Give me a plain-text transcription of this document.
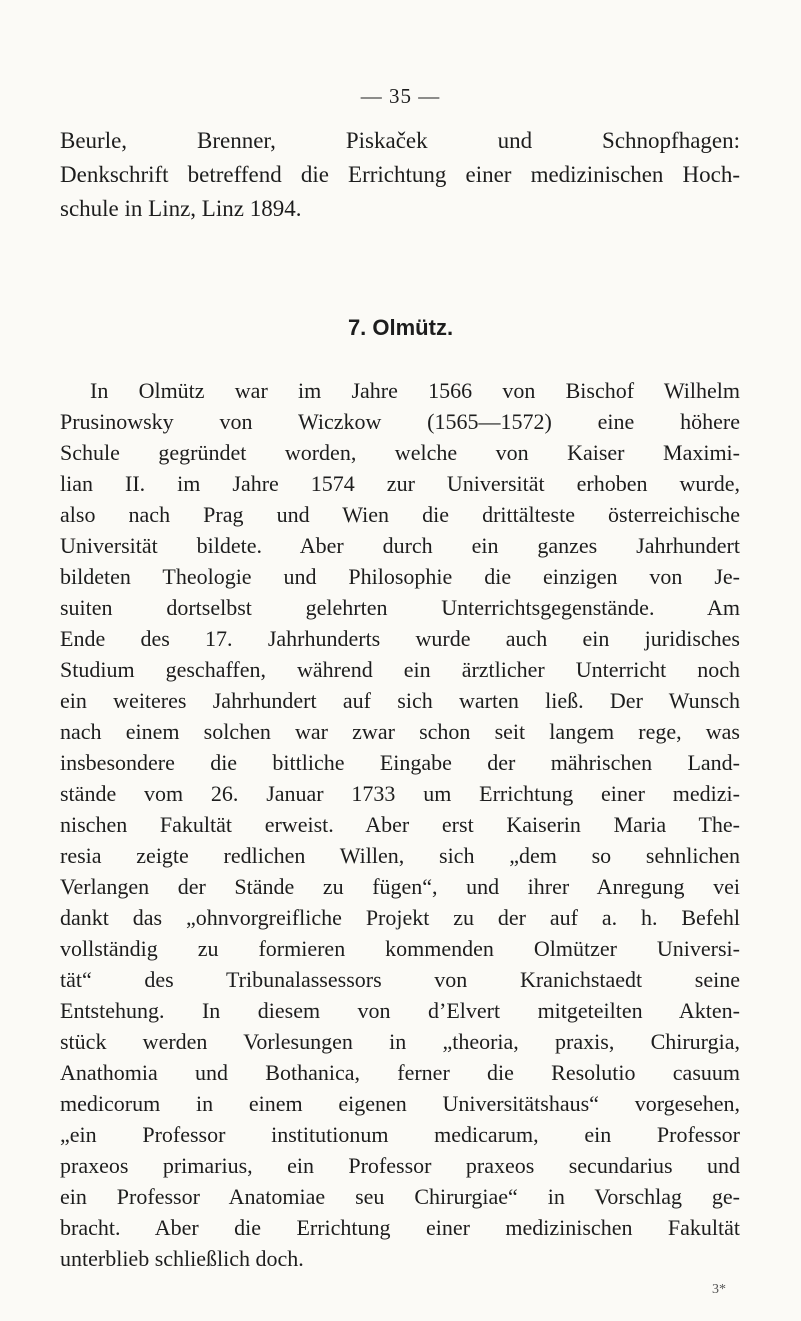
— 35 —
Beurle, Brenner, Piskaček und Schnopfhagen:
Denkschrift betreffend die Errichtung einer medizinischen Hoch-
schule in Linz, Linz 1894.
7. Olmütz.
In Olmütz war im Jahre 1566 von Bischof Wilhelm
Prusinowsky von Wiczkow (1565—1572) eine höhere
Schule gegründet worden, welche von Kaiser Maximi-
lian II. im Jahre 1574 zur Universität erhoben wurde,
also nach Prag und Wien die drittälteste österreichische
Universität bildete. Aber durch ein ganzes Jahrhundert
bildeten Theologie und Philosophie die einzigen von Je-
suiten dortselbst gelehrten Unterrichtsgegenstände. Am
Ende des 17. Jahrhunderts wurde auch ein juridisches
Studium geschaffen, während ein ärztlicher Unterricht noch
ein weiteres Jahrhundert auf sich warten ließ. Der Wunsch
nach einem solchen war zwar schon seit langem rege, was
insbesondere die bittliche Eingabe der mährischen Land-
stände vom 26. Januar 1733 um Errichtung einer medizi-
nischen Fakultät erweist. Aber erst Kaiserin Maria The-
resia zeigte redlichen Willen, sich „dem so sehnlichen
Verlangen der Stände zu fügen“, und ihrer Anregung vei
dankt das „ohnvorgreifliche Projekt zu der auf a. h. Befehl
vollständig zu formieren kommenden Olmützer Universi-
tät“ des Tribunalassessors von Kranichstaedt seine
Entstehung. In diesem von d’Elvert mitgeteilten Akten-
stück werden Vorlesungen in „theoria, praxis, Chirurgia,
Anathomia und Bothanica, ferner die Resolutio casuum
medicorum in einem eigenen Universitätshaus“ vorgesehen,
„ein Professor institutionum medicarum, ein Professor
praxeos primarius, ein Professor praxeos secundarius und
ein Professor Anatomiae seu Chirurgiae“ in Vorschlag ge-
bracht. Aber die Errichtung einer medizinischen Fakultät
unterblieb schließlich doch.
3*
